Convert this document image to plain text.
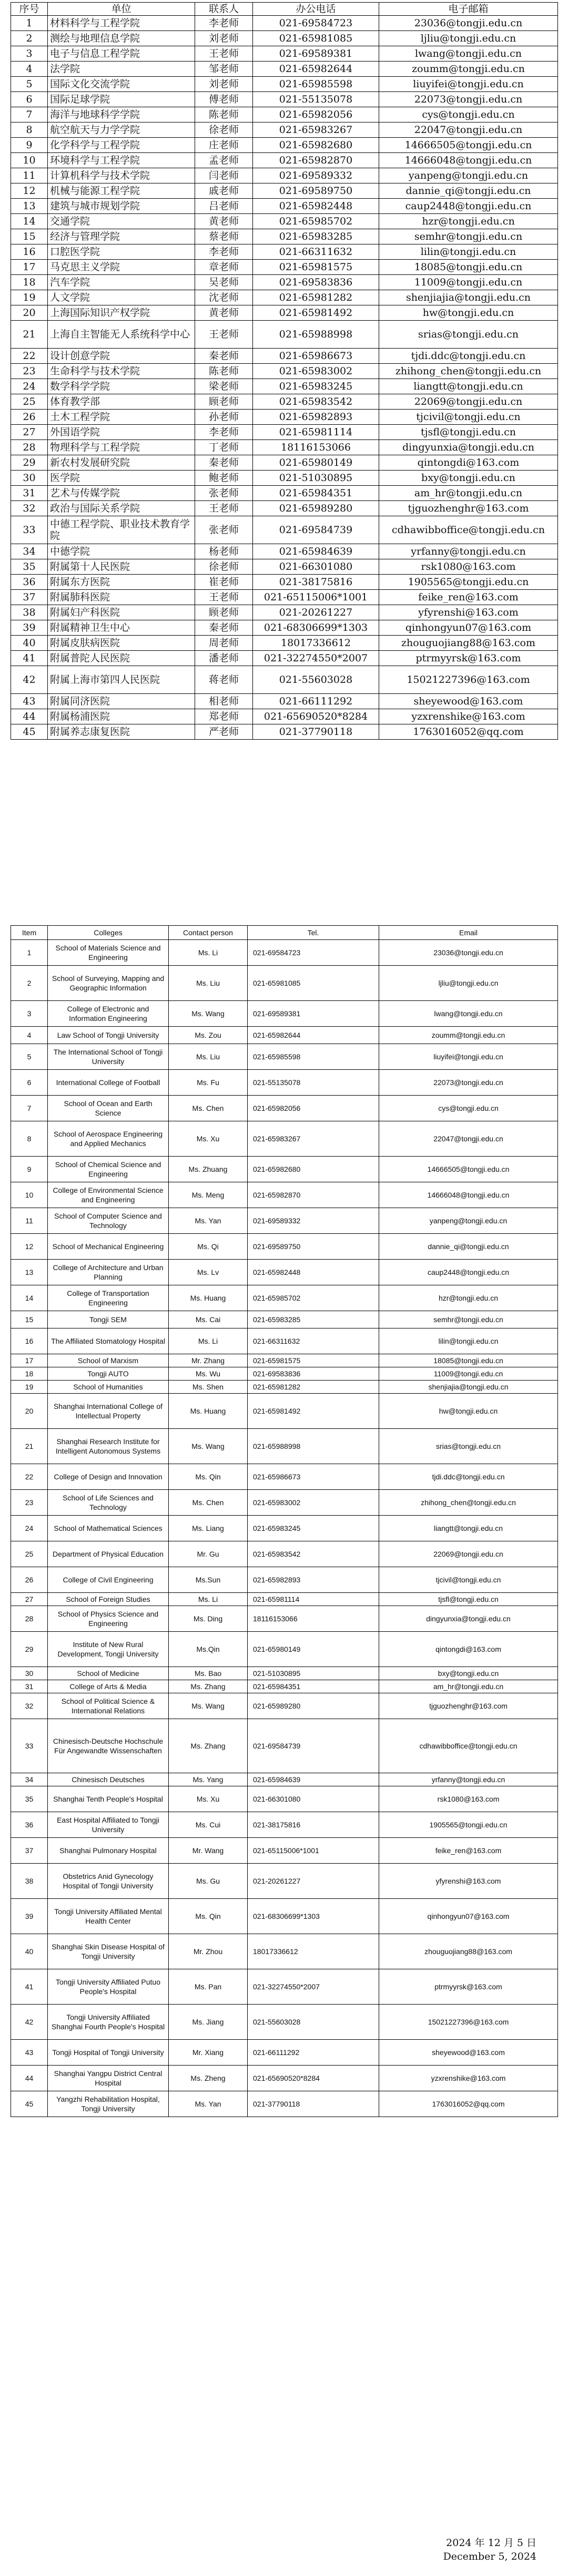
序号	单位	联系人	办公电话	电子邮箱
1	材料科学与工程学院	李老师	021-69584723	23036@tongji.edu.cn
2	测绘与地理信息学院	刘老师	021-65981085	ljliu@tongji.edu.cn
3	电子与信息工程学院	王老师	021-69589381	lwang@tongji.edu.cn
4	法学院	邹老师	021-65982644	zoumm@tongji.edu.cn
5	国际文化交流学院	刘老师	021-65985598	liuyifei@tongji.edu.cn
6	国际足球学院	傅老师	021-55135078	22073@tongji.edu.cn
7	海洋与地球科学学院	陈老师	021-65982056	cys@tongji.edu.cn
8	航空航天与力学学院	徐老师	021-65983267	22047@tongji.edu.cn
9	化学科学与工程学院	庄老师	021-65982680	14666505@tongji.edu.cn
10	环境科学与工程学院	孟老师	021-65982870	14666048@tongji.edu.cn
11	计算机科学与技术学院	闫老师	021-69589332	yanpeng@tongji.edu.cn
12	机械与能源工程学院	戚老师	021-69589750	dannie_qi@tongji.edu.cn
13	建筑与城市规划学院	吕老师	021-65982448	caup2448@tongji.edu.cn
14	交通学院	黄老师	021-65985702	hzr@tongji.edu.cn
15	经济与管理学院	蔡老师	021-65983285	semhr@tongji.edu.cn
16	口腔医学院	李老师	021-66311632	lilin@tongji.edu.cn
17	马克思主义学院	章老师	021-65981575	18085@tongji.edu.cn
18	汽车学院	吴老师	021-69583836	11009@tongji.edu.cn
19	人文学院	沈老师	021-65981282	shenjiajia@tongji.edu.cn
20	上海国际知识产权学院	黄老师	021-65981492	hw@tongji.edu.cn
21	上海自主智能无人系统科学中心	王老师	021-65988998	srias@tongji.edu.cn
22	设计创意学院	秦老师	021-65986673	tjdi.ddc@tongji.edu.cn
23	生命科学与技术学院	陈老师	021-65983002	zhihong_chen@tongji.edu.cn
24	数学科学学院	梁老师	021-65983245	liangtt@tongji.edu.cn
25	体育教学部	顾老师	021-65983542	22069@tongji.edu.cn
26	土木工程学院	孙老师	021-65982893	tjcivil@tongji.edu.cn
27	外国语学院	李老师	021-65981114	tjsfl@tongji.edu.cn
28	物理科学与工程学院	丁老师	18116153066	dingyunxia@tongji.edu.cn
29	新农村发展研究院	秦老师	021-65980149	qintongdi@163.com
30	医学院	鲍老师	021-51030895	bxy@tongji.edu.cn
31	艺术与传媒学院	张老师	021-65984351	am_hr@tongji.edu.cn
32	政治与国际关系学院	王老师	021-65989280	tjguozhenghr@163.com
33	中德工程学院、职业技术教育学院	张老师	021-69584739	cdhawibboffice@tongji.edu.cn
34	中德学院	杨老师	021-65984639	yrfanny@tongji.edu.cn
35	附属第十人民医院	徐老师	021-66301080	rsk1080@163.com
36	附属东方医院	崔老师	021-38175816	1905565@tongji.edu.cn
37	附属肺科医院	王老师	021-65115006*1001	feike_ren@163.com
38	附属妇产科医院	顾老师	021-20261227	yfyrenshi@163.com
39	附属精神卫生中心	秦老师	021-68306699*1303	qinhongyun07@163.com
40	附属皮肤病医院	周老师	18017336612	zhouguojiang88@163.com
41	附属普陀人民医院	潘老师	021-32274550*2007	ptrmyyrsk@163.com
42	附属上海市第四人民医院	蒋老师	021-55603028	15021227396@163.com
43	附属同济医院	相老师	021-66111292	sheyewood@163.com
44	附属杨浦医院	郑老师	021-65690520*8284	yzxrenshike@163.com
45	附属养志康复医院	严老师	021-37790118	1763016052@qq.com
Item	Colleges	Contact person	Tel.	Email
1	School of Materials Science and Engineering	Ms. Li	021-69584723	23036@tongji.edu.cn
2	School of Surveying, Mapping and Geographic Information	Ms. Liu	021-65981085	ljliu@tongji.edu.cn
3	College of Electronic and Information Engineering	Ms. Wang	021-69589381	lwang@tongji.edu.cn
4	Law School of Tongji University	Ms. Zou	021-65982644	zoumm@tongji.edu.cn
5	The International School of Tongji University	Ms. Liu	021-65985598	liuyifei@tongji.edu.cn
6	International College of Football	Ms. Fu	021-55135078	22073@tongji.edu.cn
7	School of Ocean and Earth Science	Ms. Chen	021-65982056	cys@tongji.edu.cn
8	School of Aerospace Engineering and Applied Mechanics	Ms. Xu	021-65983267	22047@tongji.edu.cn
9	School of Chemical Science and Engineering	Ms. Zhuang	021-65982680	14666505@tongji.edu.cn
10	College of Environmental Science and Engineering	Ms. Meng	021-65982870	14666048@tongji.edu.cn
11	School of Computer Science and Technology	Ms. Yan	021-69589332	yanpeng@tongji.edu.cn
12	School of Mechanical Engineering	Ms. Qi	021-69589750	dannie_qi@tongji.edu.cn
13	College of Architecture and Urban Planning	Ms. Lv	021-65982448	caup2448@tongji.edu.cn
14	College of Transportation Engineering	Ms. Huang	021-65985702	hzr@tongji.edu.cn
15	Tongji SEM	Ms. Cai	021-65983285	semhr@tongji.edu.cn
16	The Affiliated Stomatology Hospital	Ms. Li	021-66311632	lilin@tongji.edu.cn
17	School of Marxism	Mr. Zhang	021-65981575	18085@tongji.edu.cn
18	Tongji AUTO	Ms. Wu	021-69583836	11009@tongji.edu.cn
19	School of Humanities	Ms. Shen	021-65981282	shenjiajia@tongji.edu.cn
20	Shanghai International College of Intellectual Property	Ms. Huang	021-65981492	hw@tongji.edu.cn
21	Shanghai Research Institute for Intelligent Autonomous Systems	Ms. Wang	021-65988998	srias@tongji.edu.cn
22	College of Design and Innovation	Ms. Qin	021-65986673	tjdi.ddc@tongji.edu.cn
23	School of Life Sciences and Technology	Ms. Chen	021-65983002	zhihong_chen@tongji.edu.cn
24	School of Mathematical Sciences	Ms. Liang	021-65983245	liangtt@tongji.edu.cn
25	Department of Physical Education	Mr. Gu	021-65983542	22069@tongji.edu.cn
26	College of Civil Engineering	Ms.Sun	021-65982893	tjcivil@tongji.edu.cn
27	School of Foreign Studies	Ms. Li	021-65981114	tjsfl@tongji.edu.cn
28	School of Physics Science and Engineering	Ms. Ding	18116153066	dingyunxia@tongji.edu.cn
29	Institute of New Rural Development, Tongji University	Ms.Qin	021-65980149	qintongdi@163.com
30	School of Medicine	Ms. Bao	021-51030895	bxy@tongji.edu.cn
31	College of Arts & Media	Ms. Zhang	021-65984351	am_hr@tongji.edu.cn
32	School of Political Science & International Relations	Ms. Wang	021-65989280	tjguozhenghr@163.com
33	Chinesisch-Deutsche Hochschule Für Angewandte Wissenschaften	Ms. Zhang	021-69584739	cdhawibboffice@tongji.edu.cn
34	Chinesisch Deutsches	Ms. Yang	021-65984639	yrfanny@tongji.edu.cn
35	Shanghai Tenth People's Hospital	Ms. Xu	021-66301080	rsk1080@163.com
36	East Hospital Affiliated to Tongji University	Ms. Cui	021-38175816	1905565@tongji.edu.cn
37	Shanghai Pulmonary Hospital	Mr. Wang	021-65115006*1001	feike_ren@163.com
38	Obstetrics Anid Gynecology Hospital of Tongji University	Ms. Gu	021-20261227	yfyrenshi@163.com
39	Tongji University Affiliated Mental Health Center	Ms. Qin	021-68306699*1303	qinhongyun07@163.com
40	Shanghai Skin Disease Hospital of Tongji University	Mr. Zhou	18017336612	zhouguojiang88@163.com
41	Tongji University Affiliated Putuo People's Hospital	Ms. Pan	021-32274550*2007	ptrmyyrsk@163.com
42	Tongji University Affiliated Shanghai Fourth People's Hospital	Ms. Jiang	021-55603028	15021227396@163.com
43	Tongji Hospital of Tongji University	Mr. Xiang	021-66111292	sheyewood@163.com
44	Shanghai Yangpu District Central Hospital	Ms. Zheng	021-65690520*8284	yzxrenshike@163.com
45	Yangzhi Rehabilitation Hospital, Tongji University	Ms. Yan	021-37790118	1763016052@qq.com
2024 年 12 月 5 日
December 5, 2024
